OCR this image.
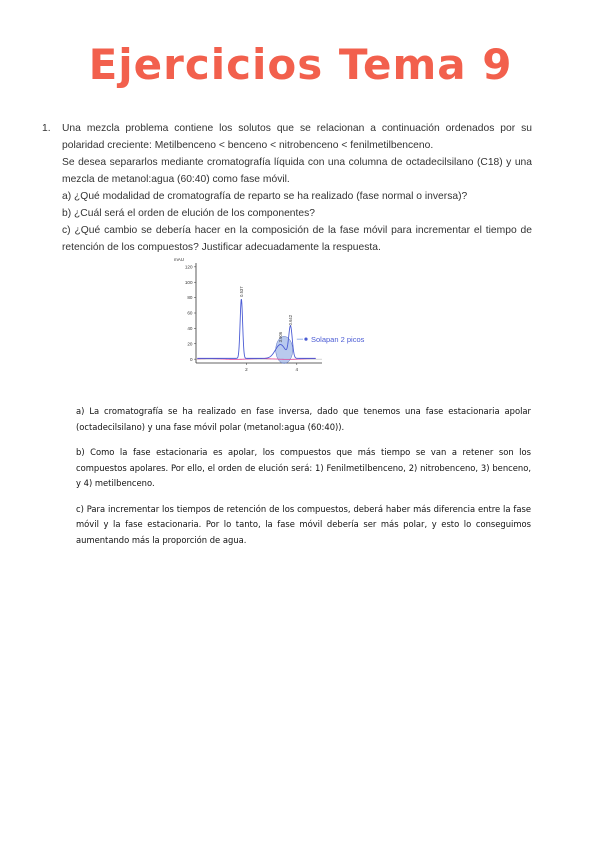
Ejercicios Tema 9
1. Una mezcla problema contiene los solutos que se relacionan a continuación ordenados por su polaridad creciente: Metilbenceno < benceno < nitrobenceno < fenilmetilbenceno.

Se desea separarlos mediante cromatografía líquida con una columna de octadecilsilano (C18) y una mezcla de metanol:agua (60:40) como fase móvil.

a) ¿Qué modalidad de cromatografía de reparto se ha realizado (fase normal o inversa)?

b) ¿Cuál será el orden de elución de los componentes?

c) ¿Qué cambio se debería hacer en la composición de la fase móvil para incrementar el tiempo de retención de los compuestos? Justificar adecuadamente la respuesta.

mAU
120
100
80
60
40
20
0
2	4
0.537
3.906
0.642
Solapan 2 picos

a) La cromatografía se ha realizado en fase inversa, dado que tenemos una fase estacionaria apolar (octadecilsilano) y una fase móvil polar (metanol:agua (60:40)).

b) Como la fase estacionaria es apolar, los compuestos que más tiempo se van a retener son los compuestos apolares. Por ello, el orden de elución será: 1) Fenilmetilbenceno, 2) nitrobenceno, 3) benceno, y 4) metilbenceno.

c) Para incrementar los tiempos de retención de los compuestos, deberá haber más diferencia entre la fase móvil y la fase estacionaria. Por lo tanto, la fase móvil debería ser más polar, y esto lo conseguimos aumentando más la proporción de agua.
